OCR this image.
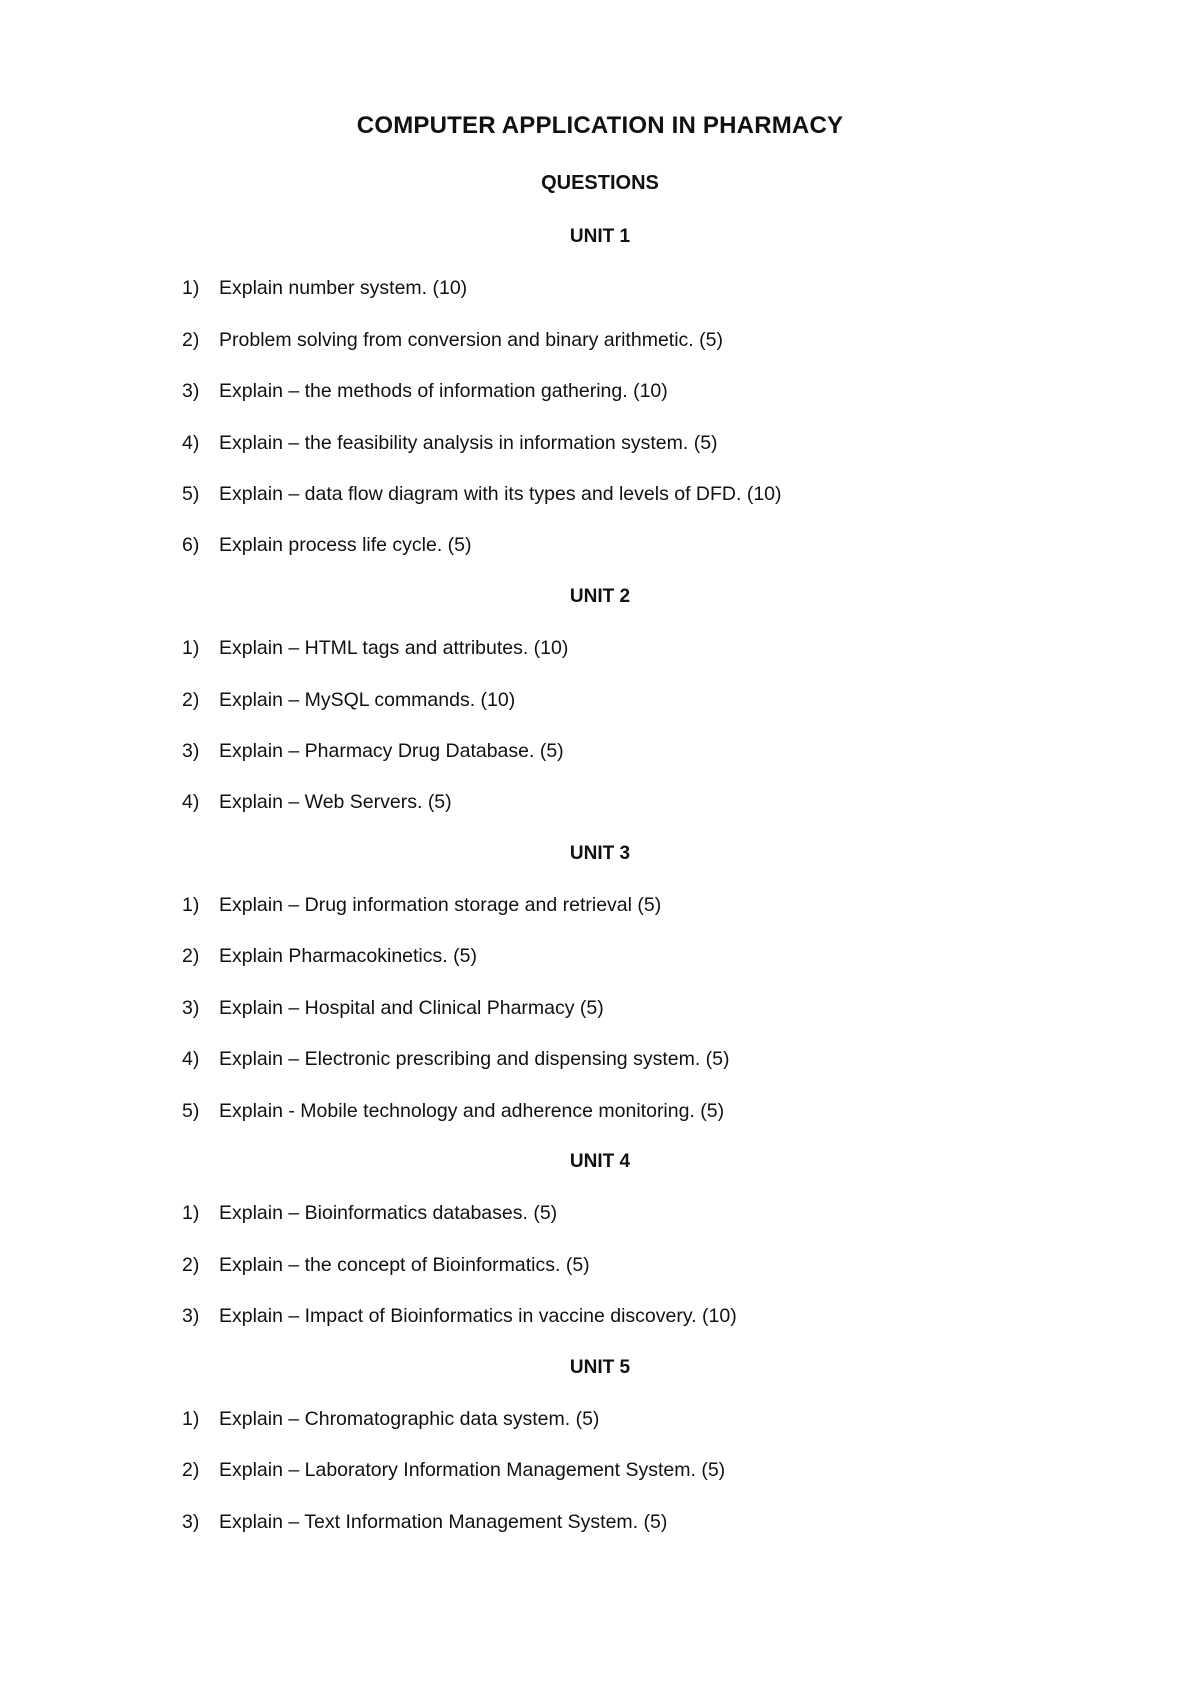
COMPUTER APPLICATION IN PHARMACY
QUESTIONS
UNIT 1
1) Explain number system. (10)
2) Problem solving from conversion and binary arithmetic. (5)
3) Explain – the methods of information gathering. (10)
4) Explain – the feasibility analysis in information system. (5)
5) Explain – data flow diagram with its types and levels of DFD. (10)
6) Explain process life cycle. (5)
UNIT 2
1) Explain – HTML tags and attributes. (10)
2) Explain – MySQL commands. (10)
3) Explain – Pharmacy Drug Database. (5)
4) Explain – Web Servers. (5)
UNIT 3
1) Explain – Drug information storage and retrieval (5)
2) Explain Pharmacokinetics. (5)
3) Explain – Hospital and Clinical Pharmacy (5)
4) Explain – Electronic prescribing and dispensing system. (5)
5) Explain - Mobile technology and adherence monitoring. (5)
UNIT 4
1) Explain – Bioinformatics databases. (5)
2) Explain – the concept of Bioinformatics. (5)
3) Explain – Impact of Bioinformatics in vaccine discovery. (10)
UNIT 5
1) Explain – Chromatographic data system. (5)
2) Explain – Laboratory Information Management System. (5)
3) Explain – Text Information Management System. (5)
